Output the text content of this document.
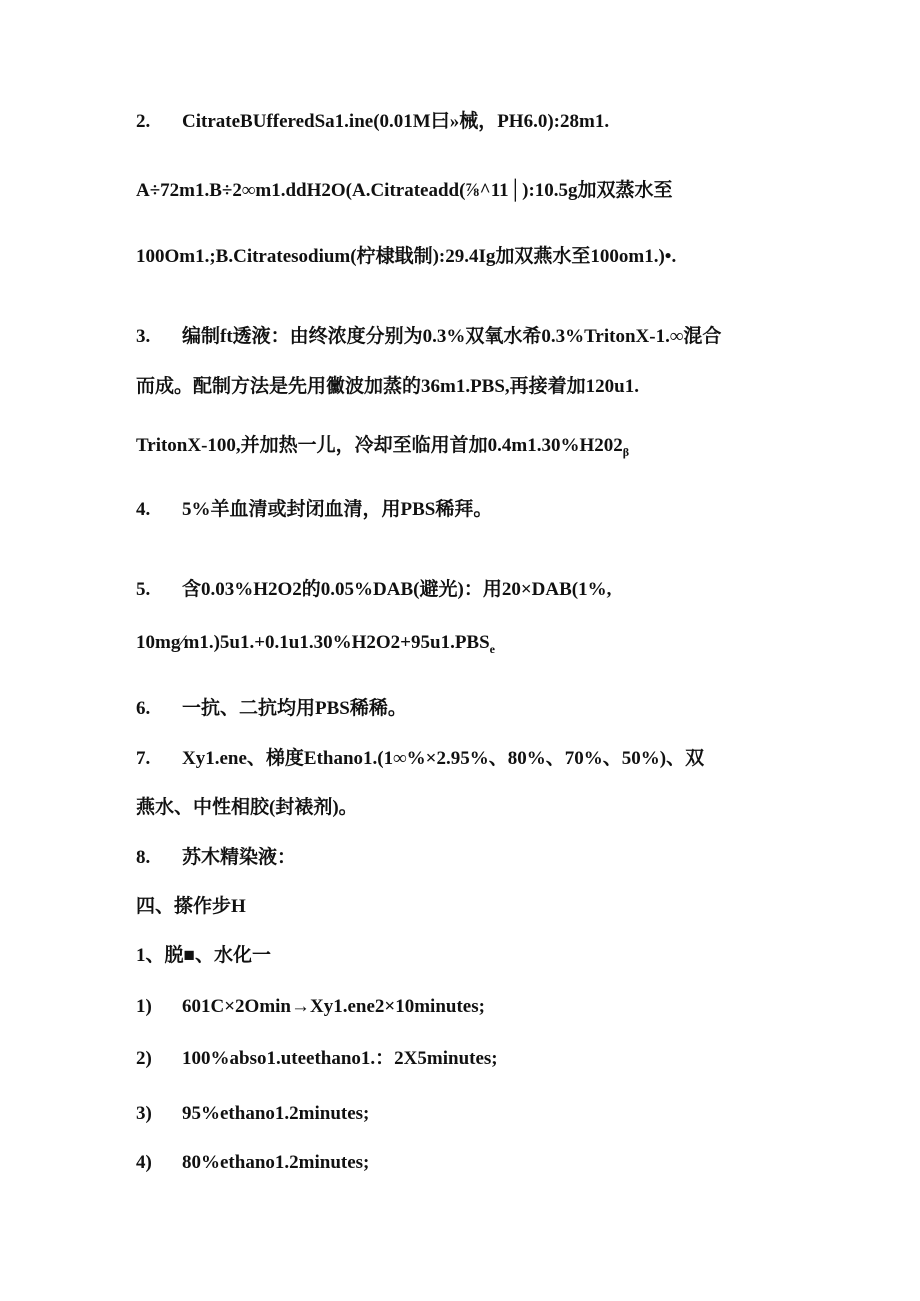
2. CitrateBUfferedSa1.ine(0.01M曰»械，PH6.0):28m1.
A÷72m1.B÷2∞m1.ddH2O(A.Citrateadd(⅞^11│):10.5g加双蒸水至
100Om1.;B.Citratesodium(柠棣戢制):29.4Ig加双燕水至100om1.)•.
3. 编制ft透液：由终浓度分别为0.3%双氧水希0.3%TritonX-1.∞混合
而成。配制方法是先用黴波加蒸的36m1.PBS,再接着加120u1.
TritonX-100,并加热一儿，冷却至临用首加$0.4m1.30\%H202_\beta$
4. 5%羊血清或封闭血清，用PBS稀拜。
5. 含0.03%H2O2的0.05%DAB(避光)：用20×DAB(1%,
$10mg⁄m1.)5u1.+0.1u1.30\%H2O2+95u1.PBS_e$
6. 一抗、二抗均用PBS稀稀。
7. Xy1.ene、梯度Ethano1.(1∞%×2.95%、80%、70%、50%)、双
燕水、中性相胶(封裱剂)。
8. 苏木精染液：
四、搽作步H
1、脱■、水化一
1) 601C×2Omin→Xy1.ene2×10minutes;
2) 100%abso1.uteethano1.：2X5minutes;
3) 95%ethano1.2minutes;
4) 80%ethano1.2minutes;
